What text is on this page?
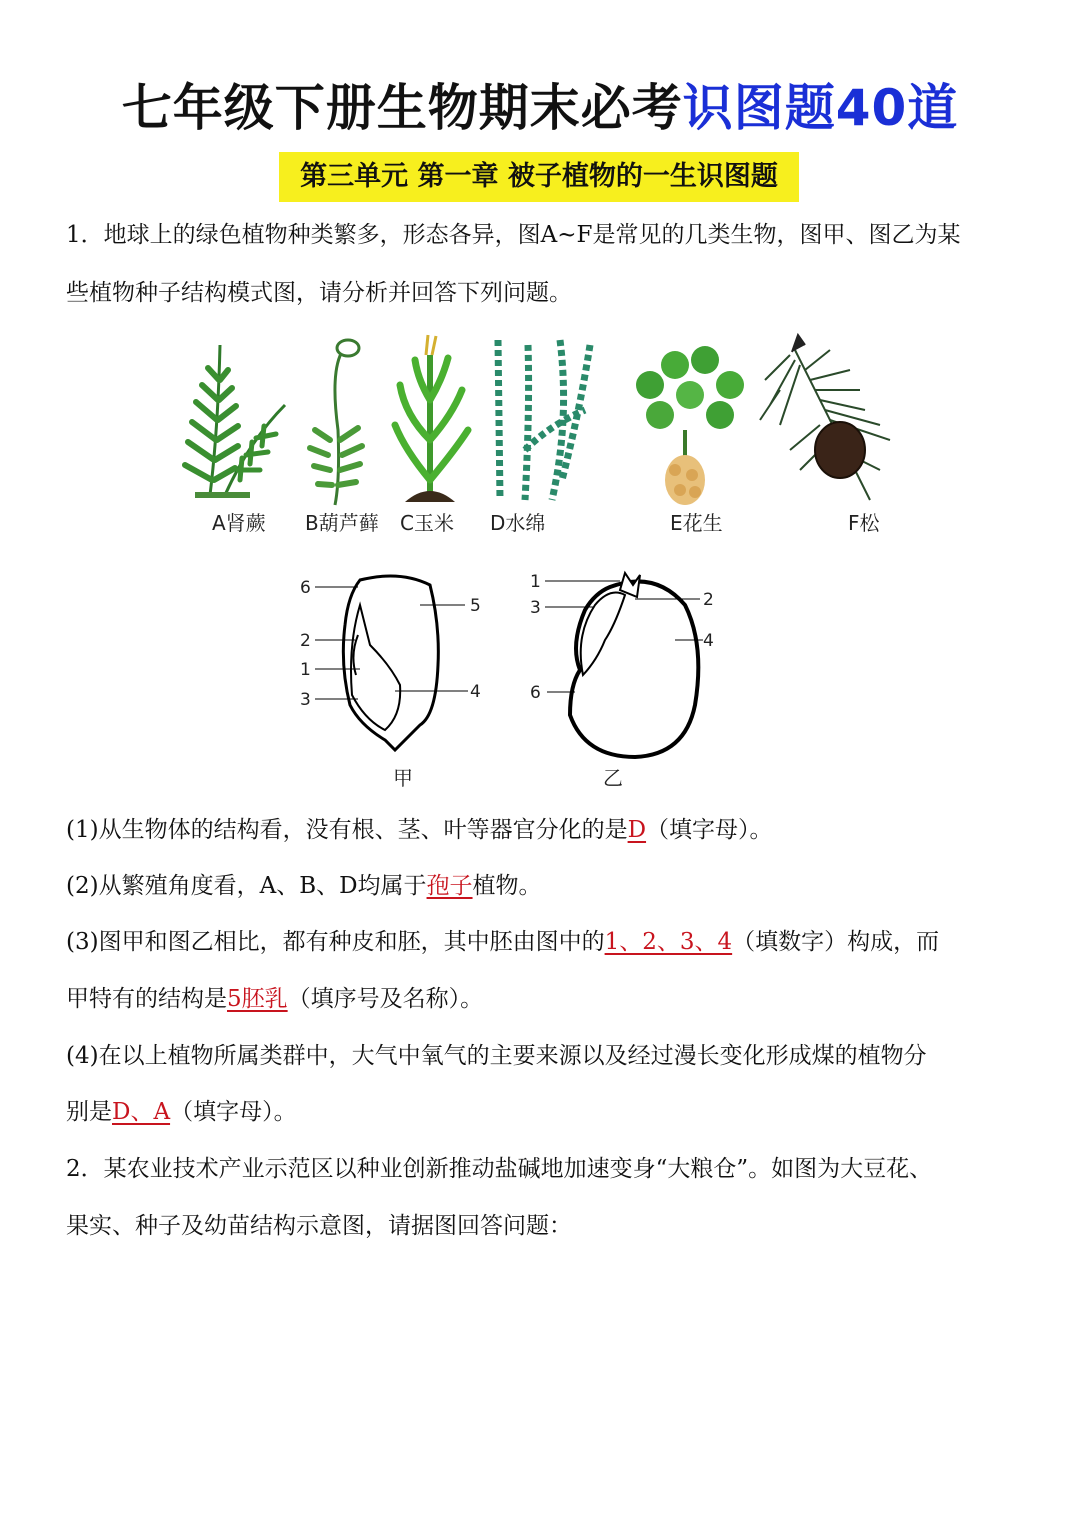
七年级下册生物期末必考识图题40道
第三单元 第一章 被子植物的一生识图题
1．地球上的绿色植物种类繁多，形态各异，图A~F是常见的几类生物，图甲、图乙为某
些植物种子结构模式图，请分析并回答下列问题。
A肾蕨 B葫芦藓 C玉米 D水绵	E花生	F松
6
5
2
1
3	4
甲
1
3	2
4
6
乙
(1)从生物体的结构看，没有根、茎、叶等器官分化的是D（填字母）。
(2)从繁殖角度看，A、B、D均属于孢子植物。
(3)图甲和图乙相比，都有种皮和胚，其中胚由图中的1、2、3、4（填数字）构成，而
甲特有的结构是5胚乳（填序号及名称）。
(4)在以上植物所属类群中，大气中氧气的主要来源以及经过漫长变化形成煤的植物分
别是D、A（填字母）。
2．某农业技术产业示范区以种业创新推动盐碱地加速变身“大粮仓”。如图为大豆花、
果实、种子及幼苗结构示意图，请据图回答问题：
